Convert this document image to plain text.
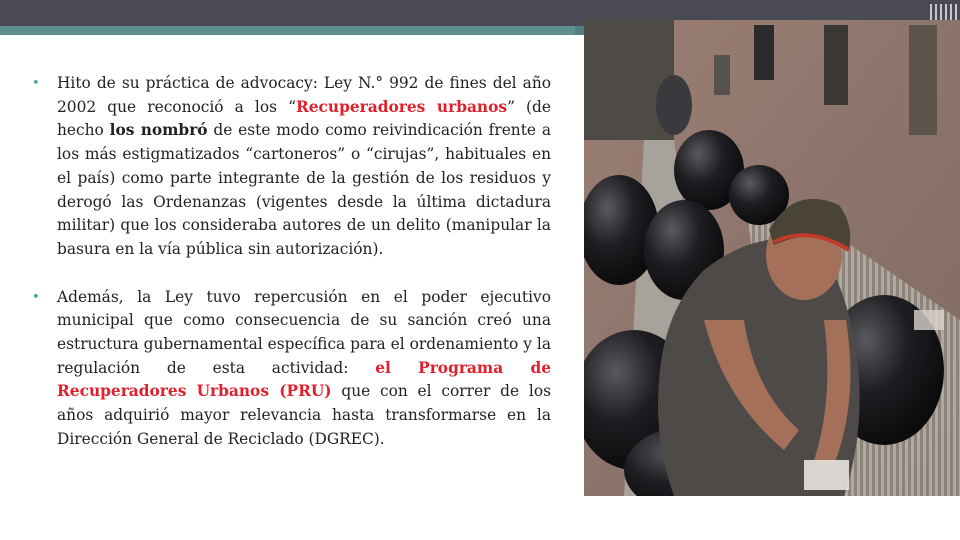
• Hito de su práctica de advocacy: Ley N.° 992 de fines del año 2002 que reconoció a los “Recuperadores urbanos” (de hecho los nombró de este modo como reivindicación frente a los más estigmatizados “cartoneros” o “cirujas”, habituales en el país) como parte integrante de la gestión de los residuos y derogó las Ordenanzas (vigentes desde la última dictadura militar) que los consideraba autores de un delito (manipular la basura en la vía pública sin autorización).

• Además, la Ley tuvo repercusión en el poder ejecutivo municipal que como consecuencia de su sanción creó una estructura gubernamental específica para el ordenamiento y la regulación de esta actividad: el Programa de Recuperadores Urbanos (PRU) que con el correr de los años adquirió mayor relevancia hasta transformarse en la Dirección General de Reciclado (DGREC).
